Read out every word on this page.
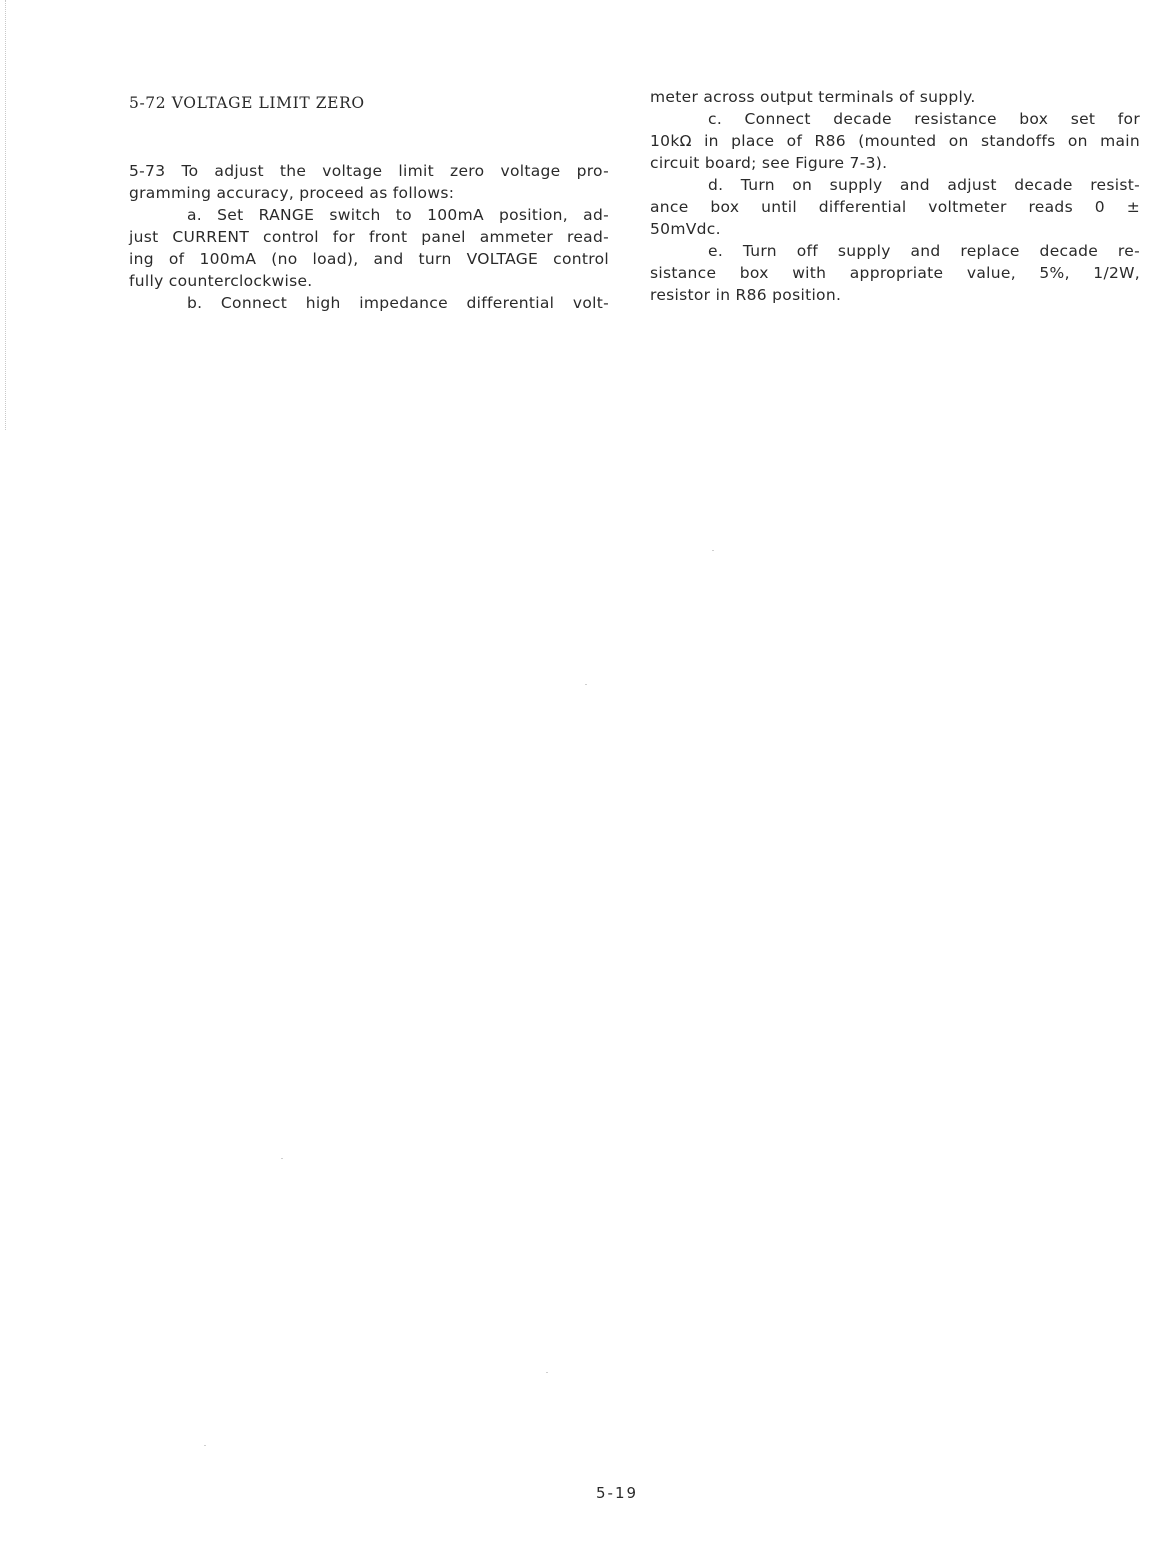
5-72 VOLTAGE LIMIT ZERO
5-73 To adjust the voltage limit zero voltage pro-
gramming accuracy, proceed as follows:
a. Set RANGE switch to 100mA position, ad-
just CURRENT control for front panel ammeter read-
ing of 100mA (no load), and turn VOLTAGE control
fully counterclockwise.
b. Connect high impedance differential volt-
meter across output terminals of supply.
c. Connect decade resistance box set for
10kΩ in place of R86 (mounted on standoffs on main
circuit board; see Figure 7-3).
d. Turn on supply and adjust decade resist-
ance box until differential voltmeter reads 0 ±
50mVdc.
e. Turn off supply and replace decade re-
sistance box with appropriate value, 5%, 1/2W,
resistor in R86 position.
5-19
